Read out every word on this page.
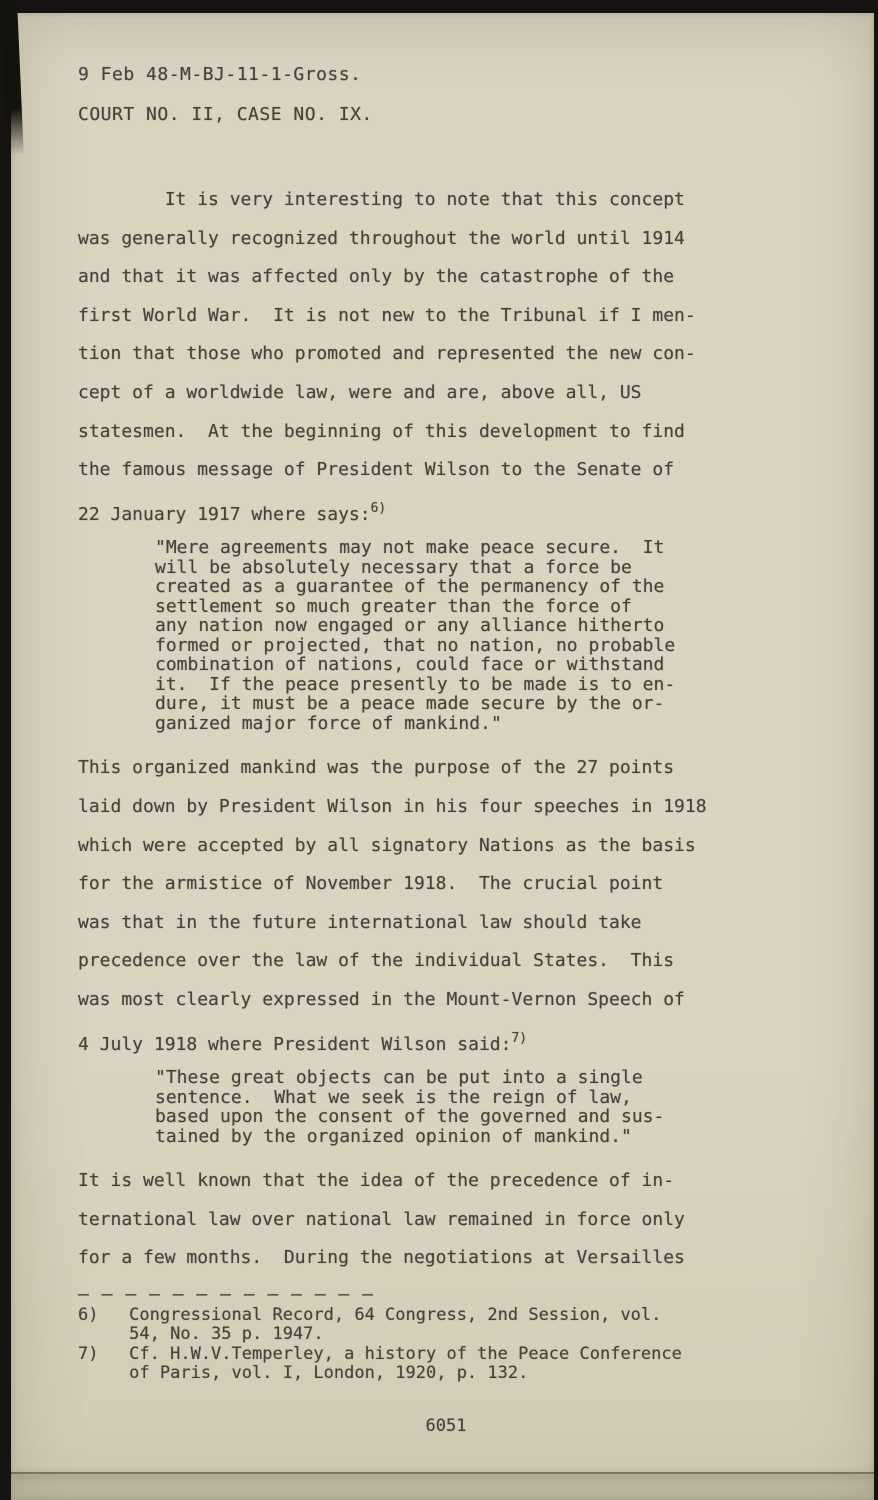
9 Feb 48-M-BJ-11-1-Gross.
COURT NO. II, CASE NO. IX.
It is very interesting to note that this concept
was generally recognized throughout the world until 1914
and that it was affected only by the catastrophe of the
first World War.  It is not new to the Tribunal if I men-
tion that those who promoted and represented the new con-
cept of a worldwide law, were and are, above all, US
statesmen.  At the beginning of this development to find
the famous message of President Wilson to the Senate of
22 January 1917 where says:$^{6)}$
"Mere agreements may not make peace secure.  It
will be absolutely necessary that a force be
created as a guarantee of the permanency of the
settlement so much greater than the force of
any nation now engaged or any alliance hitherto
formed or projected, that no nation, no probable
combination of nations, could face or withstand
it.  If the peace presently to be made is to en-
dure, it must be a peace made secure by the or-
ganized major force of mankind."
This organized mankind was the purpose of the 27 points
laid down by President Wilson in his four speeches in 1918
which were accepted by all signatory Nations as the basis
for the armistice of November 1918.  The crucial point
was that in the future international law should take
precedence over the law of the individual States.  This
was most clearly expressed in the Mount-Vernon Speech of
4 July 1918 where President Wilson said:$^{7)}$
"These great objects can be put into a single
sentence.  What we seek is the reign of law,
based upon the consent of the governed and sus-
tained by the organized opinion of mankind."
It is well known that the idea of the precedence of in-
ternational law over national law remained in force only
for a few months.  During the negotiations at Versailles
– – – – – – – – – – – – –
6)   Congressional Record, 64 Congress, 2nd Session, vol.
54, No. 35 p. 1947.
7)   Cf. H.W.V.Temperley, a history of the Peace Conference
of Paris, vol. I, London, 1920, p. 132.
6051
